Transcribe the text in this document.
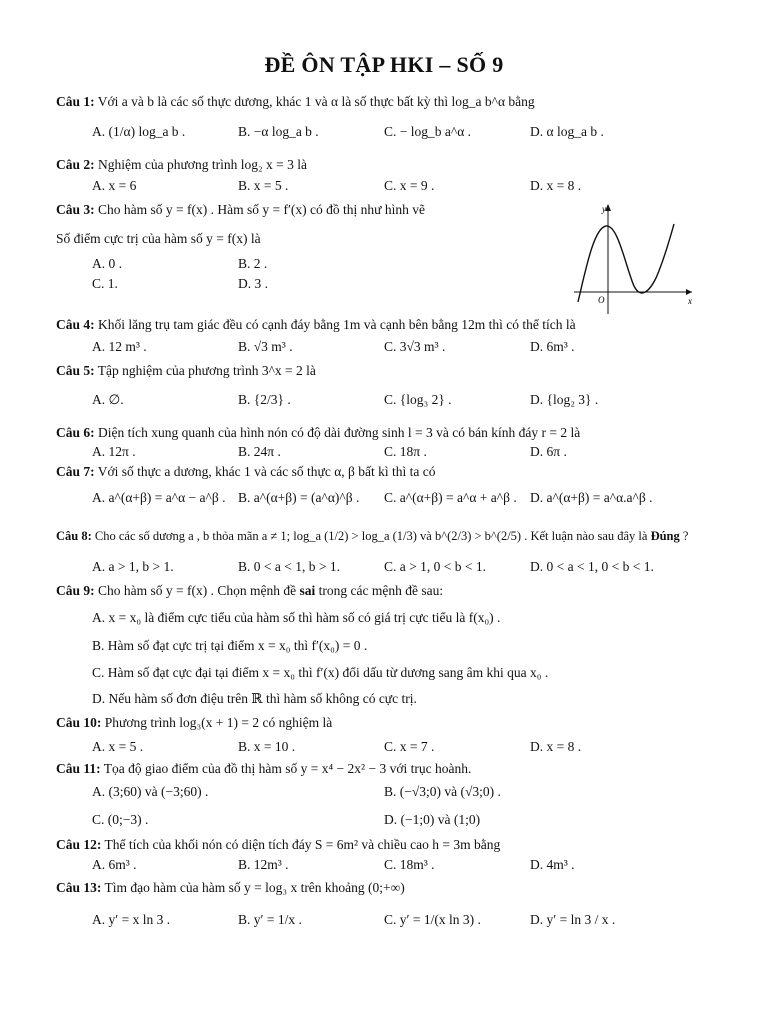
ĐỀ ÔN TẬP HKI – SỐ 9
Câu 1: Với a và b là các số thực dương, khác 1 và α là số thực bất kỳ thì log_a b^α bằng
A. (1/α) log_a b .	B. −α log_a b .	C. − log_b a^α .	D. α log_a b .
Câu 2: Nghiệm của phương trình log₂ x = 3 là
A. x = 6	B. x = 5 .	C. x = 9 .	D. x = 8 .
Câu 3: Cho hàm số y = f(x) . Hàm số y = f′(x) có đồ thị như hình vẽ
Số điểm cực trị của hàm số y = f(x) là
A. 0 .	B. 2 .
C. 1.	D. 3 .
y
x
O
Câu 4: Khối lăng trụ tam giác đều có cạnh đáy bằng 1m và cạnh bên bằng 12m thì có thể tích là
A. 12 m³ .	B. √3 m³ .	C. 3√3 m³ .	D. 6m³ .
Câu 5: Tập nghiệm của phương trình 3^x = 2 là
A. ∅.	B. {2/3} .	C. {log₃ 2} .	D. {log₂ 3} .
Câu 6: Diện tích xung quanh của hình nón có độ dài đường sinh l = 3 và có bán kính đáy r = 2 là
A. 12π .	B. 24π .	C. 18π .	D. 6π .
Câu 7: Với số thực a dương, khác 1 và các số thực α, β bất kì thì ta có
A. a^(α+β) = a^α − a^β . B. a^(α+β) = (a^α)^β . C. a^(α+β) = a^α + a^β . D. a^(α+β) = a^α.a^β .
Câu 8: Cho các số dương a , b thỏa mãn a ≠ 1; log_a (1/2) > log_a (1/3) và b^(2/3) > b^(2/5) . Kết luận nào sau đây là Đúng ?
A. a > 1, b > 1.	B. 0 < a < 1, b > 1.	C. a > 1, 0 < b < 1.	D. 0 < a < 1, 0 < b < 1.
Câu 9: Cho hàm số y = f(x) . Chọn mệnh đề sai trong các mệnh đề sau:
A. x = x₀ là điểm cực tiểu của hàm số thì hàm số có giá trị cực tiểu là f(x₀) .
B. Hàm số đạt cực trị tại điểm x = x₀ thì f′(x₀) = 0 .
C. Hàm số đạt cực đại tại điểm x = x₀ thì f′(x) đổi dấu từ dương sang âm khi qua x₀ .
D. Nếu hàm số đơn điệu trên ℝ thì hàm số không có cực trị.
Câu 10: Phương trình log₃(x + 1) = 2 có nghiệm là
A. x = 5 .	B. x = 10 .	C. x = 7 .	D. x = 8 .
Câu 11: Tọa độ giao điểm của đồ thị hàm số y = x⁴ − 2x² − 3 với trục hoành.
A. (3;60) và (−3;60) .	B. (−√3;0) và (√3;0) .
C. (0;−3) .	D. (−1;0) và (1;0)
Câu 12: Thể tích của khối nón có diện tích đáy S = 6m² và chiều cao h = 3m bằng
A. 6m³ .	B. 12m³ .	C. 18m³ .	D. 4m³ .
Câu 13: Tìm đạo hàm của hàm số y = log₃ x trên khoảng (0;+∞)
A. y′ = x ln 3 .	B. y′ = 1/x .	C. y′ = 1/(x ln 3) .	D. y′ = ln 3 / x .
